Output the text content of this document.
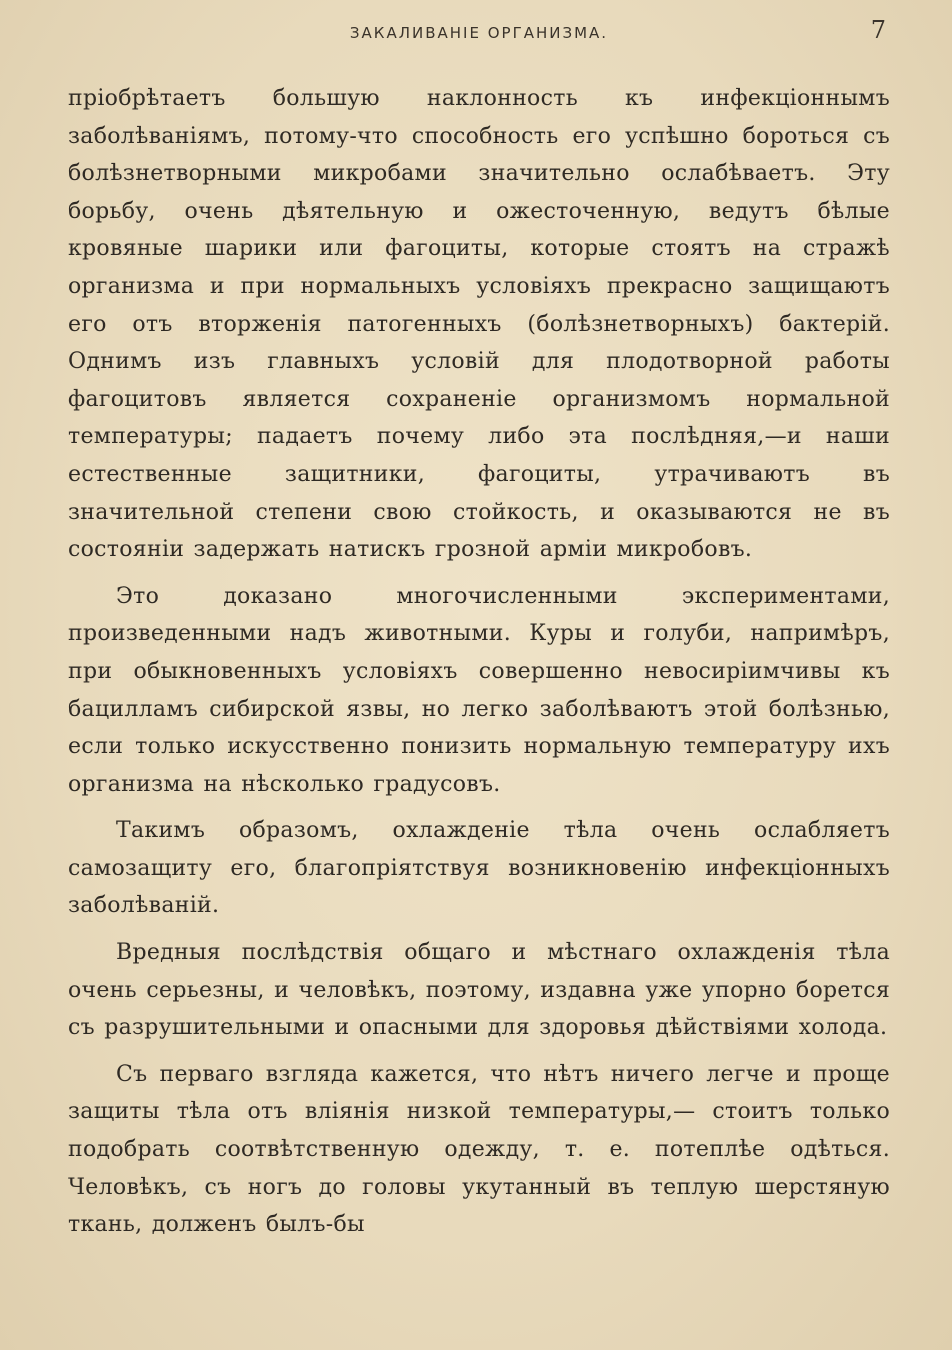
ЗАКАЛИВАНІЕ ОРГАНИЗМА.	7

пріобрѣтаетъ большую наклонность къ инфекціоннымъ заболѣваніямъ, потому-что способность его успѣшно бороться съ болѣзнетворными микробами значительно ослабѣваетъ. Эту борьбу, очень дѣятельную и ожесточенную, ведутъ бѣлые кровяные шарики или фагоциты, которые стоятъ на стражѣ организма и при нормальныхъ условіяхъ прекрасно защищаютъ его отъ вторженія патогенныхъ (болѣзнетворныхъ) бактерій. Однимъ изъ главныхъ условій для плодотворной работы фагоцитовъ является сохраненіе организмомъ нормальной температуры; падаетъ почему либо эта послѣдняя,—и наши естественные защитники, фагоциты, утрачиваютъ въ значительной степени свою стойкость, и оказываются не въ состояніи задержать натискъ грозной арміи микробовъ.

Это доказано многочисленными экспериментами, произведенными надъ животными. Куры и голуби, напримѣръ, при обыкновенныхъ условіяхъ совершенно невосиріимчивы къ бацилламъ сибирской язвы, но легко заболѣваютъ этой болѣзнью, если только искусственно понизить нормальную температуру ихъ организма на нѣсколько градусовъ.

Такимъ образомъ, охлажденіе тѣла очень ослабляетъ самозащиту его, благопріятствуя возникновенію инфекціонныхъ заболѣваній.

Вредныя послѣдствія общаго и мѣстнаго охлажденія тѣла очень серьезны, и человѣкъ, поэтому, издавна уже упорно борется съ разрушительными и опасными для здоровья дѣйствіями холода.

Съ перваго взгляда кажется, что нѣтъ ничего легче и проще защиты тѣла отъ вліянія низкой температуры,— стоитъ только подобрать соотвѣтственную одежду, т. е. потеплѣе одѣться. Человѣкъ, съ ногъ до головы укутанный въ теплую шерстяную ткань, долженъ былъ-бы
